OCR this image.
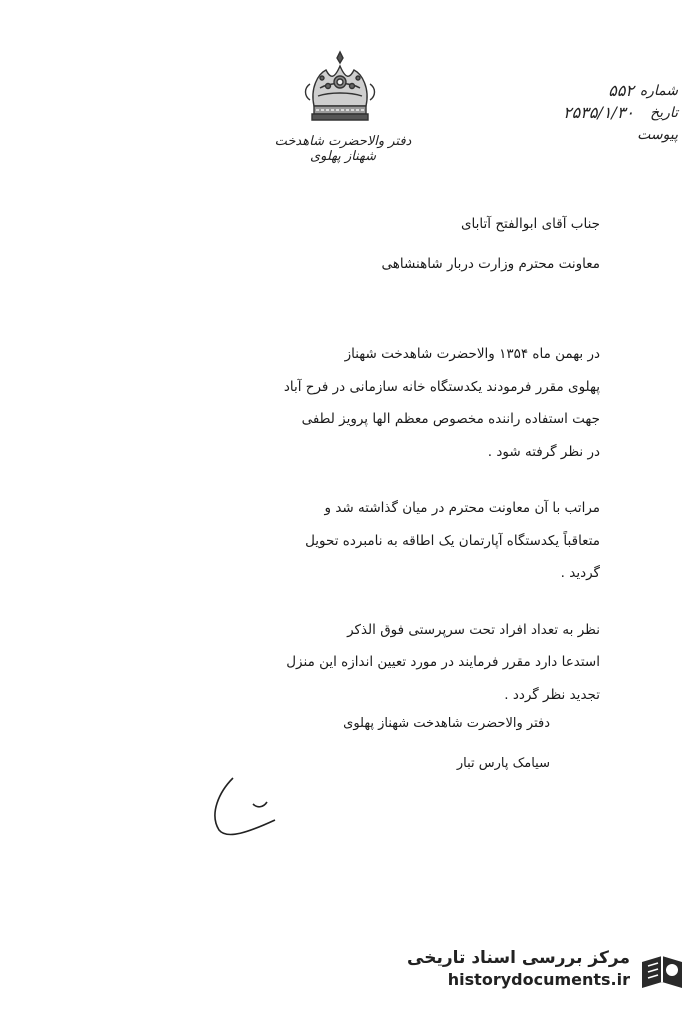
دفتر والاحضرت شاهدخت شهناز پهلوی
شماره
۵۵۲
تاریخ
۲۵۳۵/۱/۳۰
پیوست
جناب آقای ابوالفتح آتابای
معاونت محترم وزارت دربار شاهنشاهی

در بهمن ماه ۱۳۵۴ والاحضرت شاهدخت شهناز
پهلوی مقرر فرمودند یکدستگاه خانه سازمانی در فرح آباد
جهت استفاده راننده مخصوص معظم الها پرویز لطفی
در نظر گرفته شود .

مراتب با آن معاونت محترم در میان گذاشته شد و
متعاقباً یکدستگاه آپارتمان یک اطاقه به نامبرده تحویل
گردید .

نظر به تعداد افراد تحت سرپرستی فوق الذکر
استدعا دارد مقرر فرمایند در مورد تعیین اندازه این منزل
تجدید نظر گردد .

دفتر والاحضرت شاهدخت شهناز پهلوی
سیامک پارس تبار
مرکز بررسی اسناد تاریخی
historydocuments.ir
